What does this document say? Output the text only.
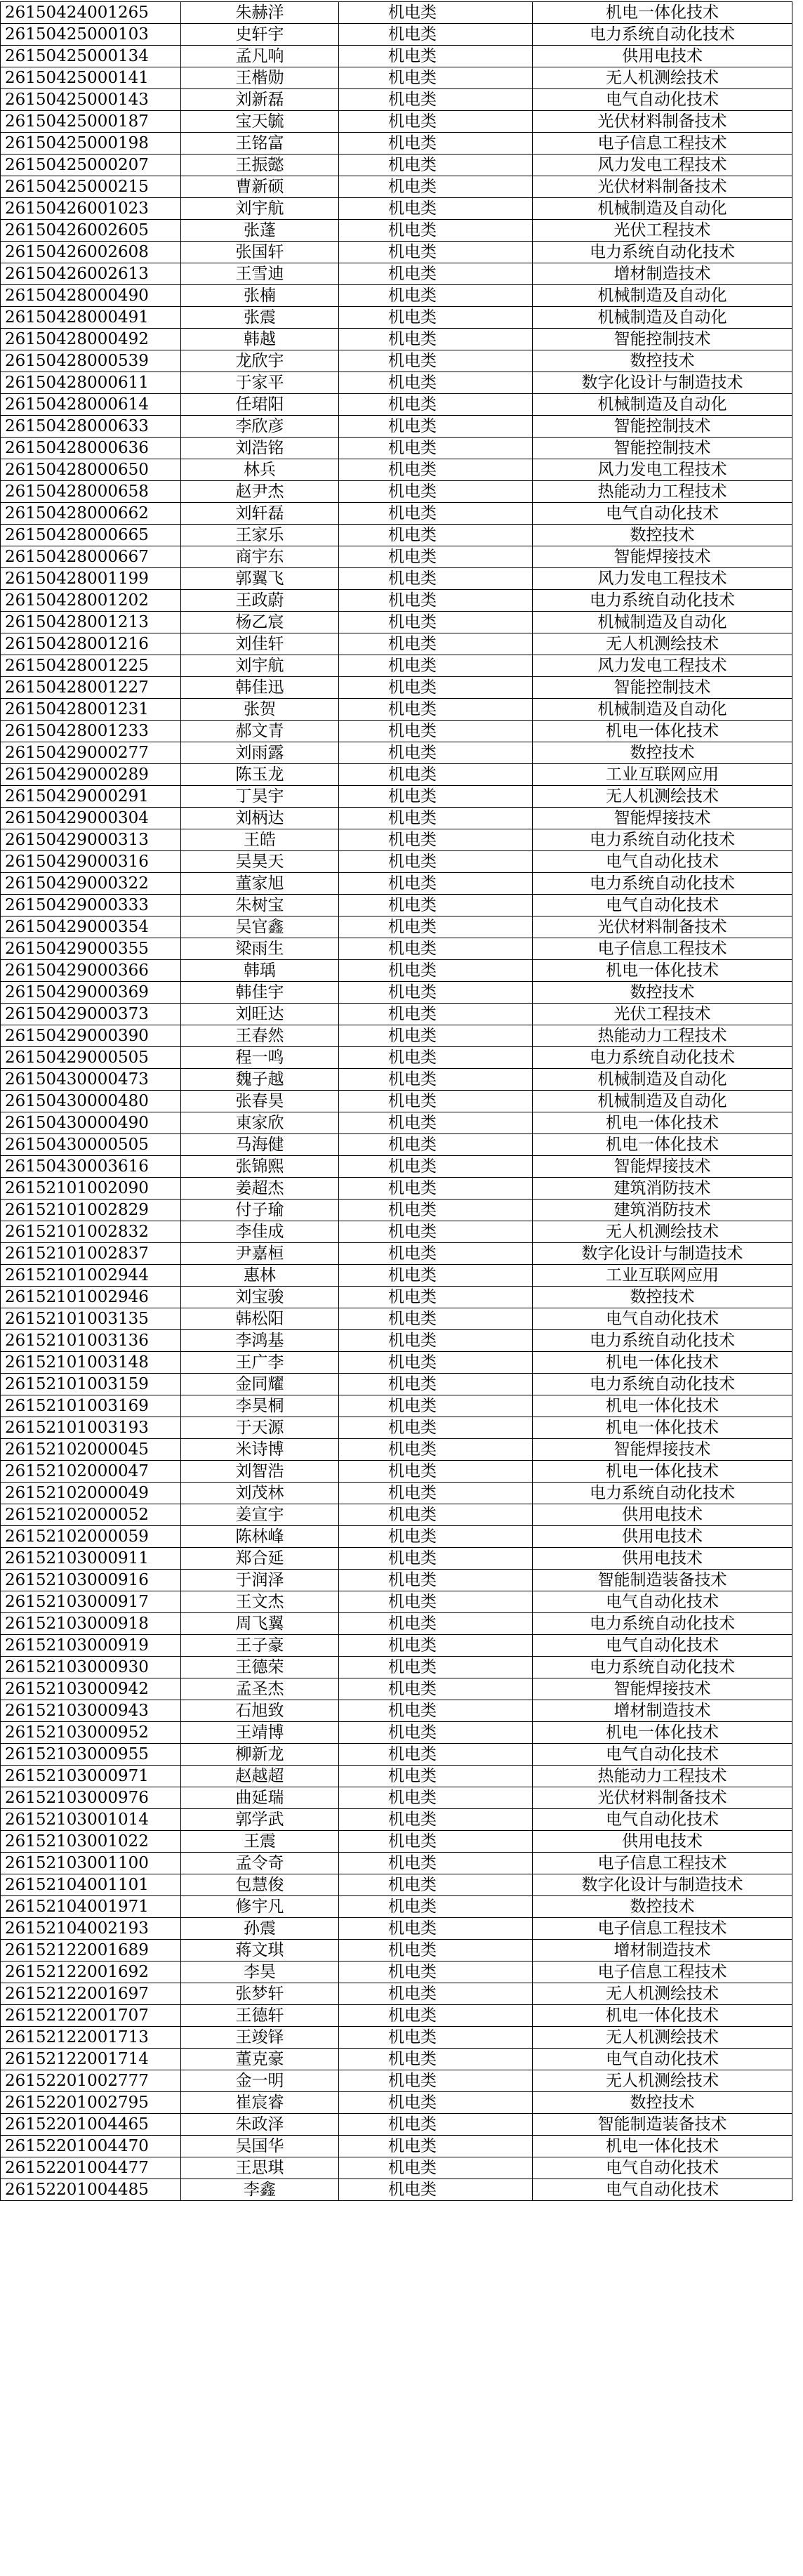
26150424001265	朱赫洋	机电类	机电一体化技术
26150425000103	史轩宇	机电类	电力系统自动化技术
26150425000134	孟凡响	机电类	供用电技术
26150425000141	王楷勋	机电类	无人机测绘技术
26150425000143	刘新磊	机电类	电气自动化技术
26150425000187	宝天毓	机电类	光伏材料制备技术
26150425000198	王铭富	机电类	电子信息工程技术
26150425000207	王振懿	机电类	风力发电工程技术
26150425000215	曹新硕	机电类	光伏材料制备技术
26150426001023	刘宇航	机电类	机械制造及自动化
26150426002605	张蓬	机电类	光伏工程技术
26150426002608	张国轩	机电类	电力系统自动化技术
26150426002613	王雪迪	机电类	增材制造技术
26150428000490	张楠	机电类	机械制造及自动化
26150428000491	张震	机电类	机械制造及自动化
26150428000492	韩越	机电类	智能控制技术
26150428000539	龙欣宇	机电类	数控技术
26150428000611	于家平	机电类	数字化设计与制造技术
26150428000614	任珺阳	机电类	机械制造及自动化
26150428000633	李欣彦	机电类	智能控制技术
26150428000636	刘浩铭	机电类	智能控制技术
26150428000650	林兵	机电类	风力发电工程技术
26150428000658	赵尹杰	机电类	热能动力工程技术
26150428000662	刘轩磊	机电类	电气自动化技术
26150428000665	王家乐	机电类	数控技术
26150428000667	商宇东	机电类	智能焊接技术
26150428001199	郭翼飞	机电类	风力发电工程技术
26150428001202	王政蔚	机电类	电力系统自动化技术
26150428001213	杨乙宸	机电类	机械制造及自动化
26150428001216	刘佳轩	机电类	无人机测绘技术
26150428001225	刘宇航	机电类	风力发电工程技术
26150428001227	韩佳迅	机电类	智能控制技术
26150428001231	张贺	机电类	机械制造及自动化
26150428001233	郝文青	机电类	机电一体化技术
26150429000277	刘雨露	机电类	数控技术
26150429000289	陈玉龙	机电类	工业互联网应用
26150429000291	丁昊宇	机电类	无人机测绘技术
26150429000304	刘柄达	机电类	智能焊接技术
26150429000313	王皓	机电类	电力系统自动化技术
26150429000316	吴昊天	机电类	电气自动化技术
26150429000322	董家旭	机电类	电力系统自动化技术
26150429000333	朱树宝	机电类	电气自动化技术
26150429000354	吴官鑫	机电类	光伏材料制备技术
26150429000355	梁雨生	机电类	电子信息工程技术
26150429000366	韩瑀	机电类	机电一体化技术
26150429000369	韩佳宇	机电类	数控技术
26150429000373	刘旺达	机电类	光伏工程技术
26150429000390	王春然	机电类	热能动力工程技术
26150429000505	程一鸣	机电类	电力系统自动化技术
26150430000473	魏子越	机电类	机械制造及自动化
26150430000480	张春昊	机电类	机械制造及自动化
26150430000490	東家欣	机电类	机电一体化技术
26150430000505	马海健	机电类	机电一体化技术
26150430003616	张锦熙	机电类	智能焊接技术
26152101002090	姜超杰	机电类	建筑消防技术
26152101002829	付子瑜	机电类	建筑消防技术
26152101002832	李佳成	机电类	无人机测绘技术
26152101002837	尹嘉桓	机电类	数字化设计与制造技术
26152101002944	惠林	机电类	工业互联网应用
26152101002946	刘宝骏	机电类	数控技术
26152101003135	韩松阳	机电类	电气自动化技术
26152101003136	李鸿基	机电类	电力系统自动化技术
26152101003148	王广李	机电类	机电一体化技术
26152101003159	金同耀	机电类	电力系统自动化技术
26152101003169	李昊桐	机电类	机电一体化技术
26152101003193	于天源	机电类	机电一体化技术
26152102000045	米诗博	机电类	智能焊接技术
26152102000047	刘智浩	机电类	机电一体化技术
26152102000049	刘茂林	机电类	电力系统自动化技术
26152102000052	姜宣宇	机电类	供用电技术
26152102000059	陈林峰	机电类	供用电技术
26152103000911	郑合延	机电类	供用电技术
26152103000916	于润泽	机电类	智能制造装备技术
26152103000917	王文杰	机电类	电气自动化技术
26152103000918	周飞翼	机电类	电力系统自动化技术
26152103000919	王子豪	机电类	电气自动化技术
26152103000930	王德荣	机电类	电力系统自动化技术
26152103000942	孟圣杰	机电类	智能焊接技术
26152103000943	石旭致	机电类	增材制造技术
26152103000952	王靖博	机电类	机电一体化技术
26152103000955	柳新龙	机电类	电气自动化技术
26152103000971	赵越超	机电类	热能动力工程技术
26152103000976	曲延瑞	机电类	光伏材料制备技术
26152103001014	郭学武	机电类	电气自动化技术
26152103001022	王震	机电类	供用电技术
26152103001100	孟令奇	机电类	电子信息工程技术
26152104001101	包慧俊	机电类	数字化设计与制造技术
26152104001971	修宇凡	机电类	数控技术
26152104002193	孙震	机电类	电子信息工程技术
26152122001689	蒋文琪	机电类	增材制造技术
26152122001692	李昊	机电类	电子信息工程技术
26152122001697	张梦轩	机电类	无人机测绘技术
26152122001707	王德轩	机电类	机电一体化技术
26152122001713	王竣铎	机电类	无人机测绘技术
26152122001714	董克豪	机电类	电气自动化技术
26152201002777	金一明	机电类	无人机测绘技术
26152201002795	崔宸睿	机电类	数控技术
26152201004465	朱政泽	机电类	智能制造装备技术
26152201004470	吴国华	机电类	机电一体化技术
26152201004477	王思琪	机电类	电气自动化技术
26152201004485	李鑫	机电类	电气自动化技术
